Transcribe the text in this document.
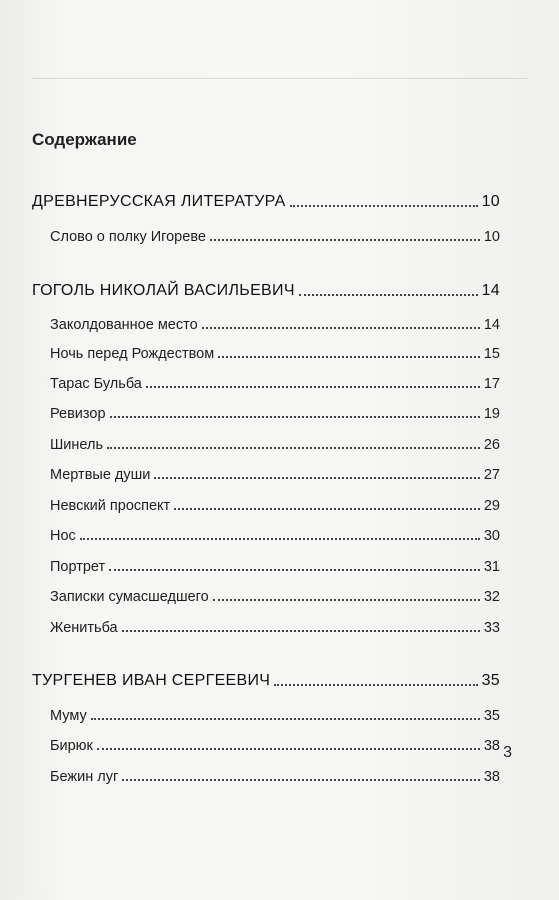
Содержание
ДРЕВНЕРУССКАЯ ЛИТЕРАТУРА	10
Слово о полку Игореве	10
ГОГОЛЬ НИКОЛАЙ ВАСИЛЬЕВИЧ	14
Заколдованное место	14
Ночь перед Рождеством	15
Тарас Бульба	17
Ревизор	19
Шинель	26
Мертвые души	27
Невский проспект	29
Нос	30
Портрет	31
Записки сумасшедшего	32
Женитьба	33
ТУРГЕНЕВ ИВАН СЕРГЕЕВИЧ	35
Муму	35
Бирюк	38
Бежин луг	38
3
